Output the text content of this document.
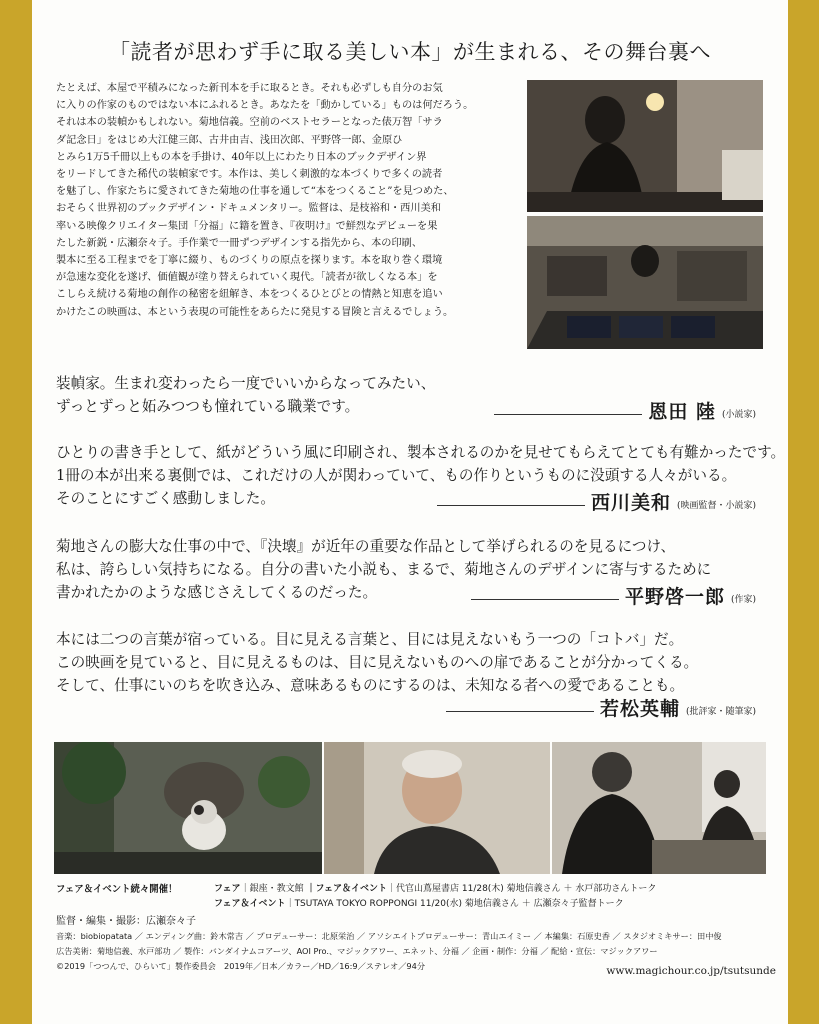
「読者が思わず手に取る美しい本」が生まれる、その舞台裏へ
たとえば、本屋で平積みになった新刊本を手に取るとき。それも必ずしも自分のお気
に入りの作家のものではない本にふれるとき。あなたを「動かしている」ものは何だろう。
それは本の装幀かもしれない。菊地信義。空前のベストセラーとなった俵万智「サラ
ダ記念日」をはじめ大江健三郎、古井由吉、浅田次郎、平野啓一郎、金原ひ
とみら1万5千冊以上もの本を手掛け、40年以上にわたり日本のブックデザイン界
をリードしてきた稀代の装幀家です。本作は、美しく刺激的な本づくりで多くの読者
を魅了し、作家たちに愛されてきた菊地の仕事を通して“本をつくること”を見つめた、
おそらく世界初のブックデザイン・ドキュメンタリー。監督は、是枝裕和・西川美和
率いる映像クリエイター集団「分福」に籍を置き、『夜明け』で鮮烈なデビューを果
たした新鋭・広瀬奈々子。手作業で一冊ずつデザインする指先から、本の印刷、
製本に至る工程までを丁寧に綴り、ものづくりの原点を探ります。本を取り巻く環境
が急速な変化を遂げ、価値観が塗り替えられていく現代。「読者が欲しくなる本」を
こしらえ続ける菊地の創作の秘密を紐解き、本をつくるひとびとの情熱と知恵を追い
かけたこの映画は、本という表現の可能性をあらたに発見する冒険と言えるでしょう。
装幀家。生まれ変わったら一度でいいからなってみたい、
ずっとずっと妬みつつも憧れている職業です。	恩田 陸 (小説家)
ひとりの書き手として、紙がどういう風に印刷され、製本されるのかを見せてもらえてとても有難かったです。
1冊の本が出来る裏側では、これだけの人が関わっていて、もの作りというものに没頭する人々がいる。
そのことにすごく感動しました。	西川美和 (映画監督・小説家)
菊地さんの膨大な仕事の中で、『決壊』が近年の重要な作品として挙げられるのを見るにつけ、
私は、誇らしい気持ちになる。自分の書いた小説も、まるで、菊地さんのデザインに寄与するために
書かれたかのような感じさえしてくるのだった。	平野啓一郎 (作家)
本には二つの言葉が宿っている。目に見える言葉と、目には見えないもう一つの「コトバ」だ。
この映画を見ていると、目に見えるものは、目に見えないものへの扉であることが分かってくる。
そして、仕事にいのちを吹き込み、意味あるものにするのは、未知なる者への愛であることも。
若松英輔 (批評家・随筆家)
フェア＆イベント続々開催！	フェア｜銀座・教文館 ｜フェア＆イベント｜代官山蔦屋書店 11/28(木) 菊地信義さん ＋ 水戸部功さんトーク
フェア＆イベント｜TSUTAYA TOKYO ROPPONGI 11/20(水) 菊地信義さん ＋ 広瀬奈々子監督トーク
監督・編集・撮影：広瀬奈々子
音楽：biobiopatata ／ エンディング曲：鈴木常吉 ／ プロデューサー：北原栄治 ／ アソシエイトプロデューサー：青山エイミー ／ 本編集：石原史香 ／ スタジオミキサー：田中俊
広告美術：菊地信義、水戸部功 ／ 製作：バンダイナムコアーツ、AOI Pro.、マジックアワー、エネット、分福 ／ 企画・制作：分福 ／ 配給・宣伝：マジックアワー
©2019「つつんで、ひらいて」製作委員会　2019年／日本／カラー／HD／16:9／ステレオ／94分	www.magichour.co.jp/tsutsunde
